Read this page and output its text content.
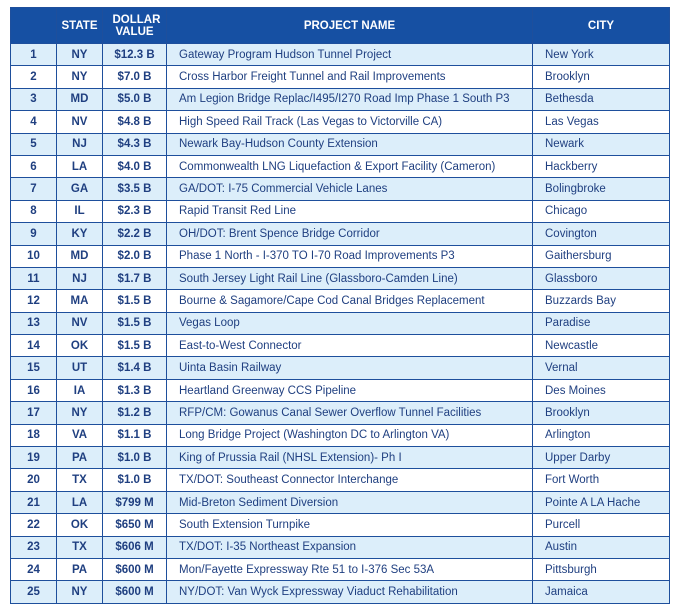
	STATE	DOLLAR VALUE	PROJECT NAME	CITY
1	NY	$12.3 B	Gateway Program Hudson Tunnel Project	New York
2	NY	$7.0 B	Cross Harbor Freight Tunnel and Rail Improvements	Brooklyn
3	MD	$5.0 B	Am Legion Bridge Replac/I495/I270 Road Imp Phase 1 South P3	Bethesda
4	NV	$4.8 B	High Speed Rail Track (Las Vegas to Victorville CA)	Las Vegas
5	NJ	$4.3 B	Newark Bay-Hudson County Extension	Newark
6	LA	$4.0 B	Commonwealth LNG Liquefaction & Export Facility (Cameron)	Hackberry
7	GA	$3.5 B	GA/DOT: I-75 Commercial Vehicle Lanes	Bolingbroke
8	IL	$2.3 B	Rapid Transit Red Line	Chicago
9	KY	$2.2 B	OH/DOT: Brent Spence Bridge Corridor	Covington
10	MD	$2.0 B	Phase 1 North - I-370 TO I-70 Road Improvements P3	Gaithersburg
11	NJ	$1.7 B	South Jersey Light Rail Line (Glassboro-Camden Line)	Glassboro
12	MA	$1.5 B	Bourne & Sagamore/Cape Cod Canal Bridges Replacement	Buzzards Bay
13	NV	$1.5 B	Vegas Loop	Paradise
14	OK	$1.5 B	East-to-West Connector	Newcastle
15	UT	$1.4 B	Uinta Basin Railway	Vernal
16	IA	$1.3 B	Heartland Greenway CCS Pipeline	Des Moines
17	NY	$1.2 B	RFP/CM: Gowanus Canal Sewer Overflow Tunnel Facilities	Brooklyn
18	VA	$1.1 B	Long Bridge Project (Washington DC to Arlington VA)	Arlington
19	PA	$1.0 B	King of Prussia Rail (NHSL Extension)- Ph I	Upper Darby
20	TX	$1.0 B	TX/DOT: Southeast Connector Interchange	Fort Worth
21	LA	$799 M	Mid-Breton Sediment Diversion	Pointe A LA Hache
22	OK	$650 M	South Extension Turnpike	Purcell
23	TX	$606 M	TX/DOT: I-35 Northeast Expansion	Austin
24	PA	$600 M	Mon/Fayette Expressway Rte 51 to I-376 Sec 53A	Pittsburgh
25	NY	$600 M	NY/DOT: Van Wyck Expressway Viaduct Rehabilitation	Jamaica
